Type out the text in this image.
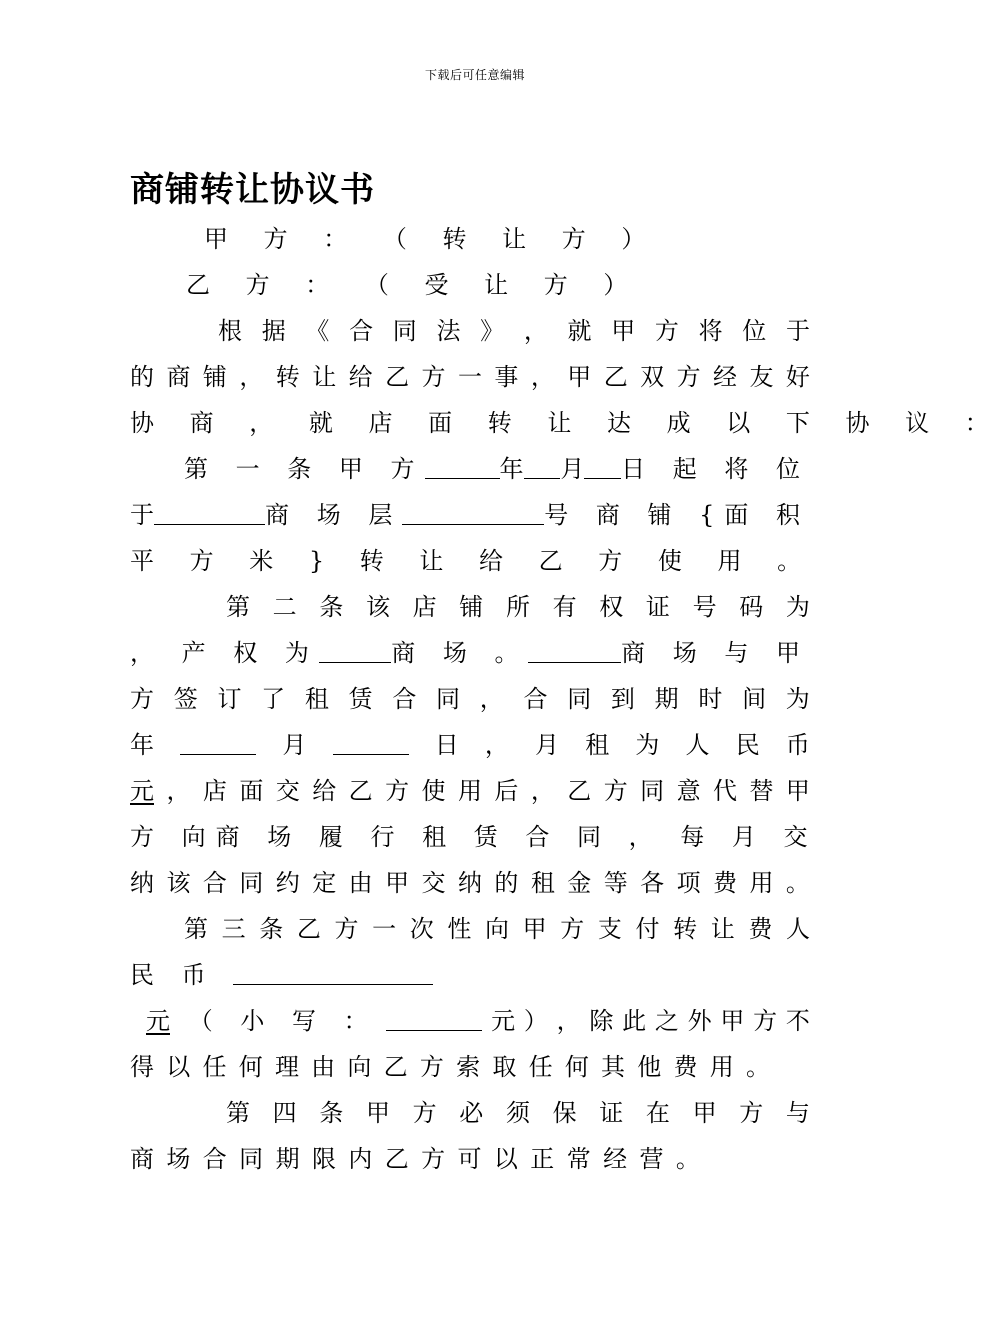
下载后可任意编辑
商铺转让协议书
甲 方 ： （ 转 让 方 ）
乙 方 ： （ 受 让 方 ）
根 据 《 合 同 法 》 ， 就 甲 方 将 位 于
的 商 铺 ， 转 让 给 乙 方 一 事 ， 甲 乙 双 方 经 友 好
协 商 ， 就 店 面 转 让 达 成 以 下 协 议 ：
第 一 条 甲 方	年 月 日 起 将 位
于	商 场 层	号 商 铺 {面 积
平 方 米 } 转 让 给 乙 方 使 用 。
第 二 条 该 店 铺 所 有 权 证 号 码 为
， 产 权 为	商 场 。	商 场 与 甲
方 签 订 了 租 赁 合 同 ， 合 同 到 期 时 间 为
年	月	日 ， 月 租 为 人 民 币
元 ， 店 面 交 给 乙 方 使 用 后 ， 乙 方 同 意 代 替 甲
方 向 商 场 履 行 租 赁 合 同 ， 每 月 交
纳 该 合 同 约 定 由 甲 交 纳 的 租 金 等 各 项 费 用 。
第 三 条 乙 方 一 次 性 向 甲 方 支 付 转 让 费 人
民 币
元 （ 小 写 ：	元 ） ， 除 此 之 外 甲 方 不
得 以 任 何 理 由 向 乙 方 索 取 任 何 其 他 费 用 。
第 四 条 甲 方 必 须 保 证 在 甲 方 与
商 场 合 同 期 限 内 乙 方 可 以 正 常 经 营 。
